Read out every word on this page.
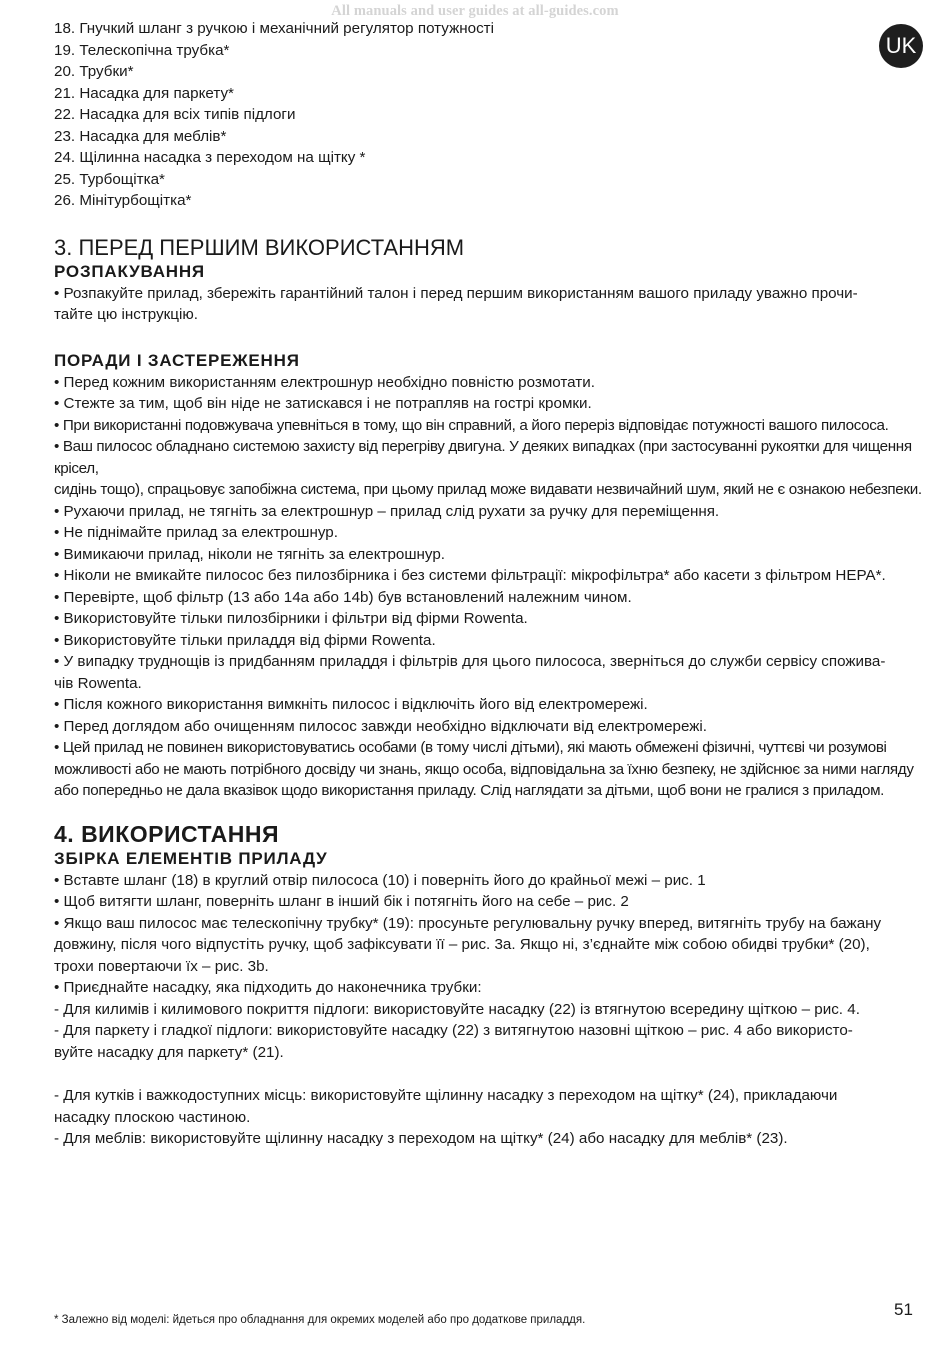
All manuals and user guides at all-guides.com
UK

18. Гнучкий шланг з ручкою і механічний регулятор потужності

19. Телескопічна трубка*

20. Трубки*

21. Насадка для паркету*

22. Насадка для всіх типів підлоги

23. Насадка для меблів*

24. Щілинна насадка з переходом на щітку *

25. Турбощітка*

26. Мінітурбощітка*

3. ПЕРЕД ПЕРШИМ ВИКОРИСТАННЯМ
РОЗПАКУВАННЯ

• Розпакуйте прилад, збережіть гарантійний талон і перед першим використанням вашого приладу уважно прочи-

тайте цю інструкцію.

ПОРАДИ І ЗАСТЕРЕЖЕННЯ

• Перед кожним використанням електрошнур необхідно повністю розмотати.

• Стежте за тим, щоб він ніде не затискався і не потрапляв на гострі кромки.

• При використанні подовжувача упевніться в тому, що він справний, а його переріз відповідає потужності вашого пилососа.

• Ваш пилосос обладнано системою захисту від перегріву двигуна. У деяких випадках (при застосуванні рукоятки для чищення крісел,

сидінь тощо), спрацьовує запобіжна система, при цьому прилад може видавати незвичайний шум, який не є ознакою небезпеки.

• Рухаючи прилад, не тягніть за електрошнур – прилад слід рухати за ручку для переміщення.

• Не піднімайте прилад за електрошнур.

• Вимикаючи прилад, ніколи не тягніть за електрошнур.

• Ніколи не вмикайте пилосос без пилозбірника і без системи фільтрації: мікрофільтра* або касети з фільтром HEPA*.

• Перевірте, щоб фільтр (13 або 14a або 14b) був встановлений належним чином.

• Використовуйте тільки пилозбірники і фільтри від фірми Rowenta.

• Використовуйте тільки приладдя від фірми Rowenta.

• У випадку труднощів із придбанням приладдя і фільтрів для цього пилососа, зверніться до служби сервісу спожива-

чів Rowenta.

• Після кожного використання вимкніть пилосос і відключіть його від електромережі.

• Перед доглядом або очищенням пилосос завжди необхідно відключати від електромережі.

• Цей прилад не повинен використовуватись особами (в тому числі дітьми), які мають обмежені фізичні, чуттєві чи розумові

можливості або не мають потрібного досвіду чи знань, якщо особа, відповідальна за їхню безпеку, не здійснює за ними нагляду

або попередньо не дала вказівок щодо використання приладу. Слід наглядати за дітьми, щоб вони не гралися з приладом.

4. ВИКОРИСТАННЯ
ЗБІРКА ЕЛЕМЕНТІВ ПРИЛАДУ

• Вставте шланг (18) в круглий отвір пилососа (10) і поверніть його до крайньої межі – рис. 1

• Щоб витягти шланг, поверніть шланг в інший бік і потягніть його на себе – рис. 2

• Якщо ваш пилосос має телескопічну трубку* (19): просуньте регулювальну ручку вперед, витягніть трубу на бажану

довжину, після чого відпустіть ручку, щоб зафіксувати її – рис. 3a. Якщо ні, з’єднайте між собою обидві трубки* (20),

трохи повертаючи їх – рис. 3b.

• Приєднайте насадку, яка підходить до наконечника трубки:

- Для килимів і килимового покриття підлоги: використовуйте насадку (22) із втягнутою всередину щіткою – рис. 4.

- Для паркету і гладкої підлоги: використовуйте насадку (22) з витягнутою назовні щіткою – рис. 4 або використо-

вуйте насадку для паркету* (21).

- Для кутків і важкодоступних місць: використовуйте щілинну насадку з переходом на щітку* (24), прикладаючи

насадку плоскою частиною.

- Для меблів: використовуйте щілинну насадку з переходом на щітку* (24) або насадку для меблів* (23).

* Залежно від моделі: йдеться про обладнання для окремих моделей або про додаткове приладдя.
51
